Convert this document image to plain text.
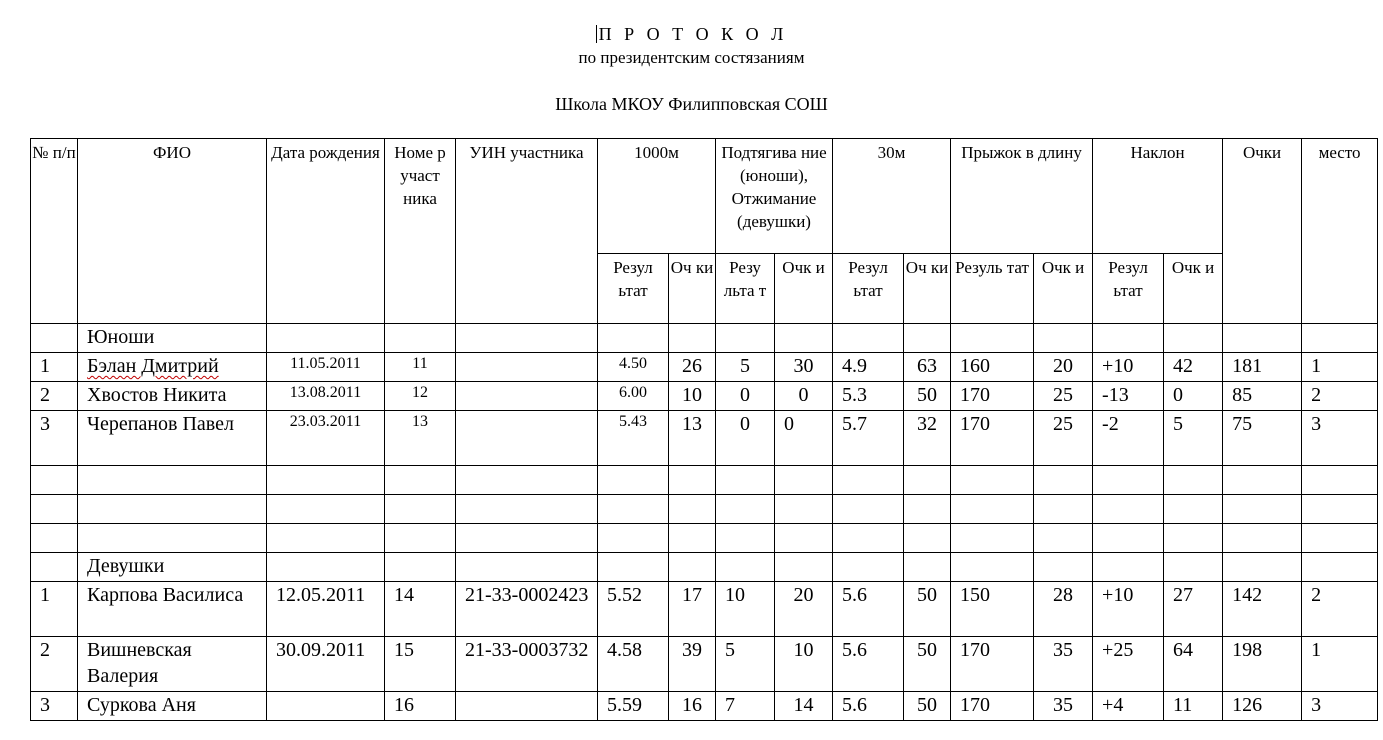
П Р О Т О К О Л
по президентским состязаниям
Школа МКОУ Филипповская СОШ
№ п/п	ФИО	Дата рождения	Номе р участ ника	УИН участника	1000м		Подтягива ние (юноши), Отжимание (девушки)		30м		Прыжок в длину		Наклон		Очки	место
					Резул ьтат	Оч ки	Резу льта т	Очк и	Резул ьтат	Оч ки	Резуль тат	Очк и	Резул ьтат	Очк и		
	Юноши															
1	Бэлан Дмитрий	11.05.2011	11		4.50	26	5	30	4.9	63	160	20	+10	42	181	1
2	Хвостов Никита	13.08.2011	12		6.00	10	0	0	5.3	50	170	25	-13	0	85	2
3	Черепанов Павел	23.03.2011	13		5.43	13	0	0	5.7	32	170	25	-2	5	75	3

	Девушки															
1	Карпова Василиса	12.05.2011	14	21-33-0002423	5.52	17	10	20	5.6	50	150	28	+10	27	142	2
2	Вишневская Валерия	30.09.2011	15	21-33-0003732	4.58	39	5	10	5.6	50	170	35	+25	64	198	1
3	Суркова Аня		16		5.59	16	7	14	5.6	50	170	35	+4	11	126	3
